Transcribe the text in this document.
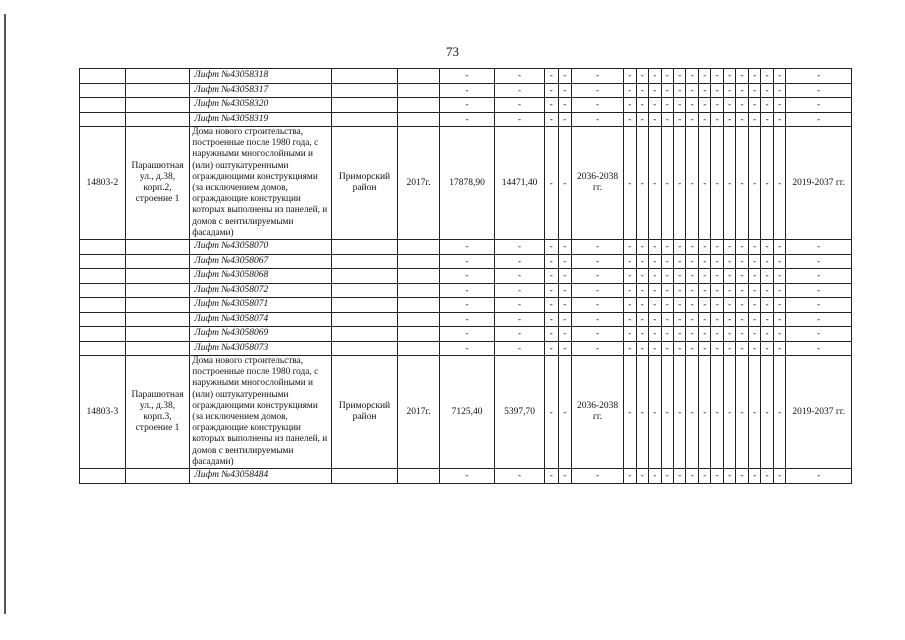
73
		Лифт №43058318			-	-	-	-	-	-	-	-	-	-	-	-	-	-	-	-	-	-	-
		Лифт №43058317			-	-	-	-	-	-	-	-	-	-	-	-	-	-	-	-	-	-	-
		Лифт №43058320			-	-	-	-	-	-	-	-	-	-	-	-	-	-	-	-	-	-	-
		Лифт №43058319			-	-	-	-	-	-	-	-	-	-	-	-	-	-	-	-	-	-	-
14803-2	Парашютная ул., д.38, корп.2, строение 1	Дома нового строительства, построенные после 1980 года, с наружными многослойными и (или) оштукатуренными ограждающими конструкциями (за исключением домов, ограждающие конструкции которых выполнены из панелей, и домов с вентилируемыми фасадами)	Приморский район	2017г.	17878,90	14471,40	-	-	2036-2038 гг.	-	-	-	-	-	-	-	-	-	-	-	-	-	2019-2037 гг.
		Лифт №43058070			-	-	-	-	-	-	-	-	-	-	-	-	-	-	-	-	-	-	-
		Лифт №43058067			-	-	-	-	-	-	-	-	-	-	-	-	-	-	-	-	-	-	-
		Лифт №43058068			-	-	-	-	-	-	-	-	-	-	-	-	-	-	-	-	-	-	-
		Лифт №43058072			-	-	-	-	-	-	-	-	-	-	-	-	-	-	-	-	-	-	-
		Лифт №43058071			-	-	-	-	-	-	-	-	-	-	-	-	-	-	-	-	-	-	-
		Лифт №43058074			-	-	-	-	-	-	-	-	-	-	-	-	-	-	-	-	-	-	-
		Лифт №43058069			-	-	-	-	-	-	-	-	-	-	-	-	-	-	-	-	-	-	-
		Лифт №43058073			-	-	-	-	-	-	-	-	-	-	-	-	-	-	-	-	-	-	-
14803-3	Парашютная ул., д.38, корп.3, строение 1	Дома нового строительства, построенные после 1980 года, с наружными многослойными и (или) оштукатуренными ограждающими конструкциями (за исключением домов, ограждающие конструкции которых выполнены из панелей, и домов с вентилируемыми фасадами)	Приморский район	2017г.	7125,40	5397,70	-	-	2036-2038 гг.	-	-	-	-	-	-	-	-	-	-	-	-	-	2019-2037 гг.
		Лифт №43058484			-	-	-	-	-	-	-	-	-	-	-	-	-	-	-	-	-	-	-
